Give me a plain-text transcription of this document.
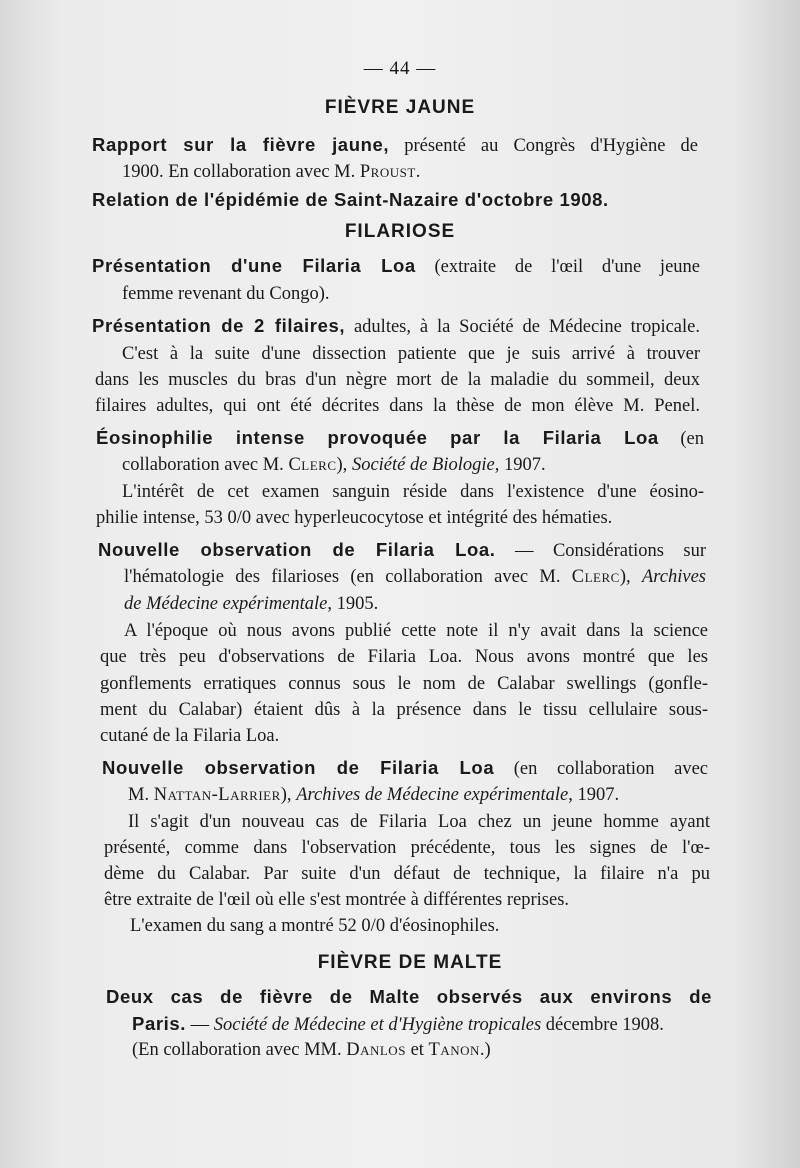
— 44 —
FIÈVRE JAUNE
Rapport sur la fièvre jaune, présenté au Congrès d'Hygiène de
1900. En collaboration avec M. Proust.
Relation de l'épidémie de Saint-Nazaire d'octobre 1908.
FILARIOSE
Présentation d'une Filaria Loa (extraite de l'œil d'une jeune
femme revenant du Congo).
Présentation de 2 filaires, adultes, à la Société de Médecine tropicale.
C'est à la suite d'une dissection patiente que je suis arrivé à trouver
dans les muscles du bras d'un nègre mort de la maladie du sommeil, deux
filaires adultes, qui ont été décrites dans la thèse de mon élève M. Penel.
Éosinophilie intense provoquée par la Filaria Loa (en
collaboration avec M. Clerc), Société de Biologie, 1907.
L'intérêt de cet examen sanguin réside dans l'existence d'une éosino-
philie intense, 53 0/0 avec hyperleucocytose et intégrité des hématies.
Nouvelle observation de Filaria Loa. — Considérations sur
l'hématologie des filarioses (en collaboration avec M. Clerc), Archives
de Médecine expérimentale, 1905.
A l'époque où nous avons publié cette note il n'y avait dans la science
que très peu d'observations de Filaria Loa. Nous avons montré que les
gonflements erratiques connus sous le nom de Calabar swellings (gonfle-
ment du Calabar) étaient dûs à la présence dans le tissu cellulaire sous-
cutané de la Filaria Loa.
Nouvelle observation de Filaria Loa (en collaboration avec
M. Nattan-Larrier), Archives de Médecine expérimentale, 1907.
Il s'agit d'un nouveau cas de Filaria Loa chez un jeune homme ayant
présenté, comme dans l'observation précédente, tous les signes de l'œ-
dème du Calabar. Par suite d'un défaut de technique, la filaire n'a pu
être extraite de l'œil où elle s'est montrée à différentes reprises.
L'examen du sang a montré 52 0/0 d'éosinophiles.
FIÈVRE DE MALTE
Deux cas de fièvre de Malte observés aux environs de
Paris. — Société de Médecine et d'Hygiène tropicales décembre 1908.
(En collaboration avec MM. Danlos et Tanon.)
